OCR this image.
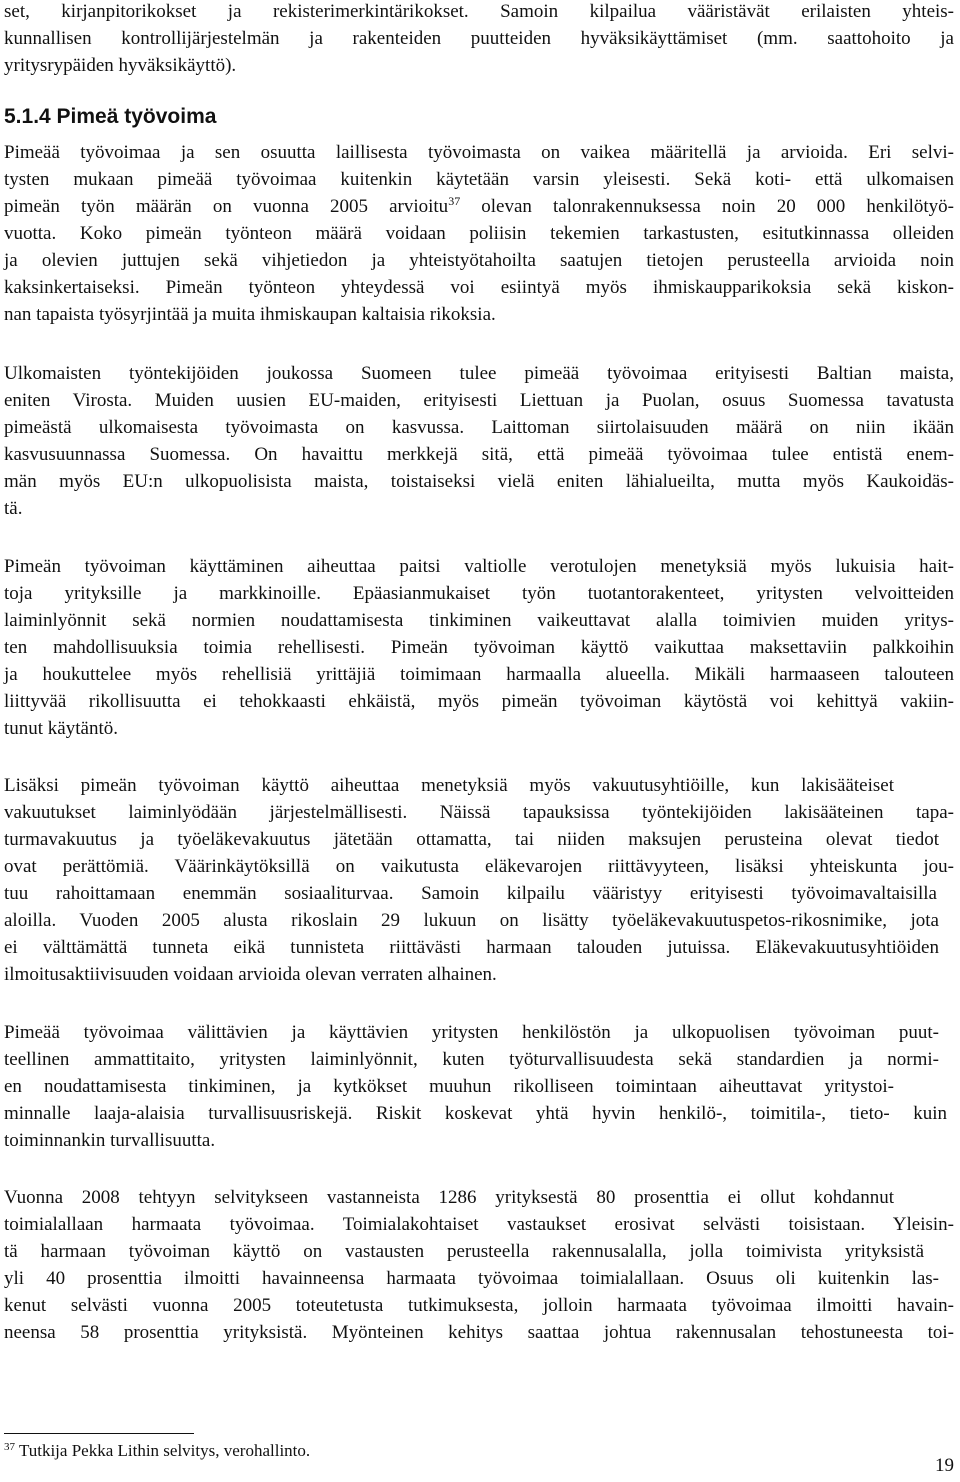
set, kirjanpitorikokset ja rekisterimerkintärikokset. Samoin kilpailua vääristävät erilaisten yhteis-

kunnallisen kontrollijärjestelmän ja rakenteiden puutteiden hyväksikäyttämiset (mm. saattohoito ja

yritysrypäiden hyväksikäyttö).

5.1.4 Pimeä työvoima

Pimeää työvoimaa ja sen osuutta laillisesta työvoimasta on vaikea määritellä ja arvioida. Eri selvi-

tysten mukaan pimeää työvoimaa kuitenkin käytetään varsin yleisesti. Sekä koti- että ulkomaisen

pimeän työn määrän on vuonna 2005 arvioitu$^{37}$ olevan talonrakennuksessa noin 20 000 henkilötyö-

vuotta. Koko pimeän työnteon määrä voidaan poliisin tekemien tarkastusten, esitutkinnassa olleiden

ja olevien juttujen sekä vihjetiedon ja yhteistyötahoilta saatujen tietojen perusteella arvioida noin

kaksinkertaiseksi. Pimeän työnteon yhteydessä voi esiintyä myös ihmiskaupparikoksia sekä kiskon-

nan tapaista työsyrjintää ja muita ihmiskaupan kaltaisia rikoksia.

Ulkomaisten työntekijöiden joukossa Suomeen tulee pimeää työvoimaa erityisesti Baltian maista,

eniten Virosta. Muiden uusien EU-maiden, erityisesti Liettuan ja Puolan, osuus Suomessa tavatusta

pimeästä ulkomaisesta työvoimasta on kasvussa. Laittoman siirtolaisuuden määrä on niin ikään

kasvusuunnassa Suomessa. On havaittu merkkejä sitä, että pimeää työvoimaa tulee entistä enem-

män myös EU:n ulkopuolisista maista, toistaiseksi vielä eniten lähialueilta, mutta myös Kaukoidäs-

tä.

Pimeän työvoiman käyttäminen aiheuttaa paitsi valtiolle verotulojen menetyksiä myös lukuisia hait-

toja yrityksille ja markkinoille. Epäasianmukaiset työn tuotantorakenteet, yritysten velvoitteiden

laiminlyönnit sekä normien noudattamisesta tinkiminen vaikeuttavat alalla toimivien muiden yritys-

ten mahdollisuuksia toimia rehellisesti. Pimeän työvoiman käyttö vaikuttaa maksettaviin palkkoihin

ja houkuttelee myös rehellisiä yrittäjiä toimimaan harmaalla alueella. Mikäli harmaaseen talouteen

liittyvää rikollisuutta ei tehokkaasti ehkäistä, myös pimeän työvoiman käytöstä voi kehittyä vakiin-

tunut käytäntö.

Lisäksi pimeän työvoiman käyttö aiheuttaa menetyksiä myös vakuutusyhtiöille, kun lakisääteiset

vakuutukset laiminlyödään järjestelmällisesti. Näissä tapauksissa työntekijöiden lakisääteinen tapa-

turmavakuutus ja työeläkevakuutus jätetään ottamatta, tai niiden maksujen perusteina olevat tiedot

ovat perättömiä. Väärinkäytöksillä on vaikutusta eläkevarojen riittävyyteen, lisäksi yhteiskunta jou-

tuu rahoittamaan enemmän sosiaaliturvaa. Samoin kilpailu vääristyy erityisesti työvoimavaltaisilla

aloilla. Vuoden 2005 alusta rikoslain 29 lukuun on lisätty työeläkevakuutuspetos-rikosnimike, jota

ei välttämättä tunneta eikä tunnisteta riittävästi harmaan talouden jutuissa. Eläkevakuutusyhtiöiden

ilmoitusaktiivisuuden voidaan arvioida olevan verraten alhainen.

Pimeää työvoimaa välittävien ja käyttävien yritysten henkilöstön ja ulkopuolisen työvoiman puut-

teellinen ammattitaito, yritysten laiminlyönnit, kuten työturvallisuudesta sekä standardien ja normi-

en noudattamisesta tinkiminen, ja kytkökset muuhun rikolliseen toimintaan aiheuttavat yritystoi-

minnalle laaja-alaisia turvallisuusriskejä. Riskit koskevat yhtä hyvin henkilö-, toimitila-, tieto- kuin

toiminnankin turvallisuutta.

Vuonna 2008 tehtyyn selvitykseen vastanneista 1286 yrityksestä 80 prosenttia ei ollut kohdannut

toimialallaan harmaata työvoimaa. Toimialakohtaiset vastaukset erosivat selvästi toisistaan. Yleisin-

tä harmaan työvoiman käyttö on vastausten perusteella rakennusalalla, jolla toimivista yrityksistä

yli 40 prosenttia ilmoitti havainneensa harmaata työvoimaa toimialallaan. Osuus oli kuitenkin las-

kenut selvästi vuonna 2005 toteutetusta tutkimuksesta, jolloin harmaata työvoimaa ilmoitti havain-

neensa 58 prosenttia yrityksistä. Myönteinen kehitys saattaa johtua rakennusalan tehostuneesta toi-

$^{37}$ Tutkija Pekka Lithin selvitys, verohallinto.
19
